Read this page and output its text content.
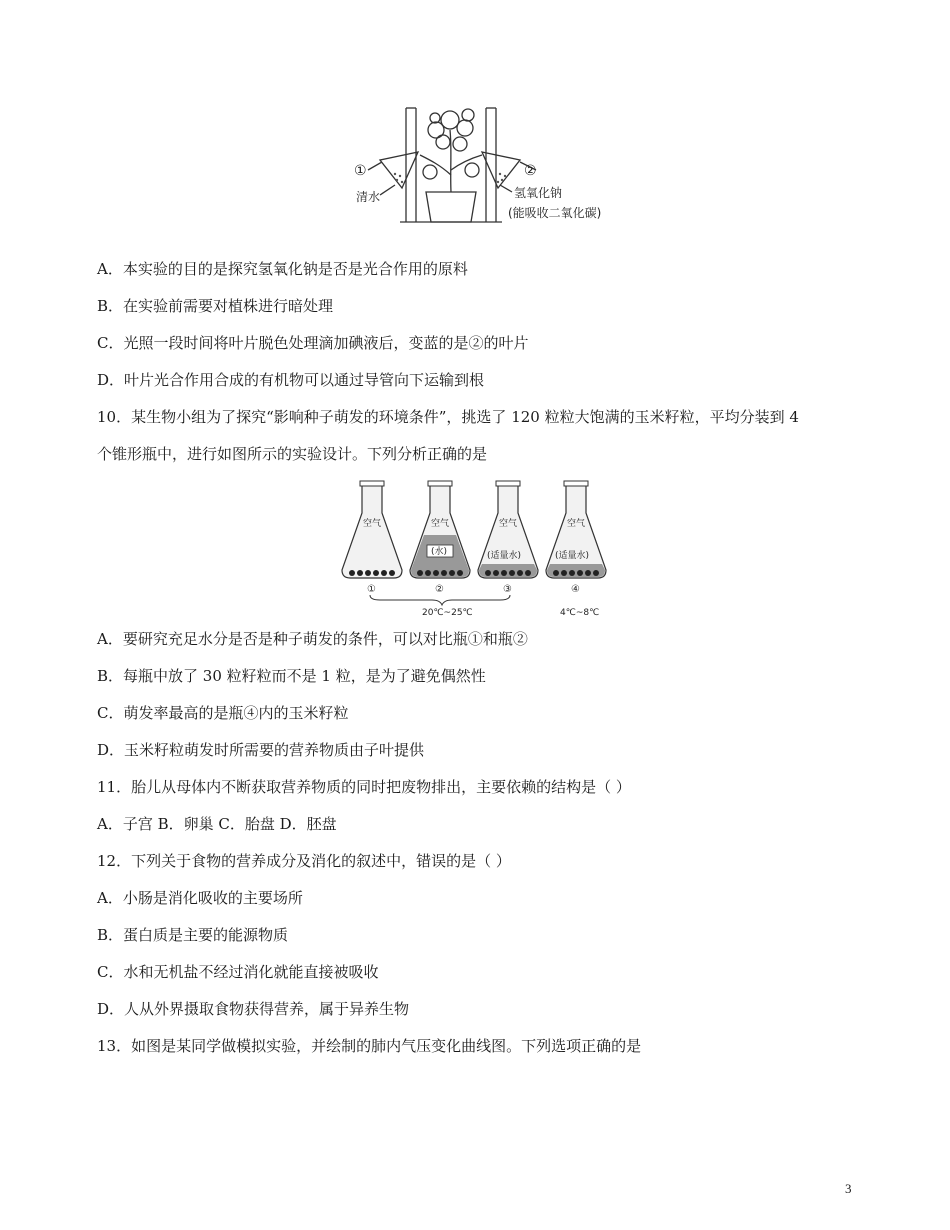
①	②
清水	氢氧化钠
(能吸收二氧化碳)
A．本实验的目的是探究氢氧化钠是否是光合作用的原料
B．在实验前需要对植株进行暗处理
C．光照一段时间将叶片脱色处理滴加碘液后，变蓝的是②的叶片
D．叶片光合作用合成的有机物可以通过导管向下运输到根
10．某生物小组为了探究“影响种子萌发的环境条件”，挑选了 120 粒粒大饱满的玉米籽粒，平均分装到 4
个锥形瓶中，进行如图所示的实验设计。下列分析正确的是
空气	空气
(水)
空气
(适量水)
空气
(适量水)
①	②	③	④
20℃~25℃	4℃~8℃
A．要研究充足水分是否是种子萌发的条件，可以对比瓶①和瓶②
B．每瓶中放了 30 粒籽粒而不是 1 粒，是为了避免偶然性
C．萌发率最高的是瓶④内的玉米籽粒
D．玉米籽粒萌发时所需要的营养物质由子叶提供
11．胎儿从母体内不断获取营养物质的同时把废物排出，主要依赖的结构是（ ）
A．子宫 B．卵巢 C．胎盘 D．胚盘
12．下列关于食物的营养成分及消化的叙述中，错误的是（ ）
A．小肠是消化吸收的主要场所
B．蛋白质是主要的能源物质
C．水和无机盐不经过消化就能直接被吸收
D．人从外界摄取食物获得营养，属于异养生物
13．如图是某同学做模拟实验，并绘制的肺内气压变化曲线图。下列选项正确的是
3
